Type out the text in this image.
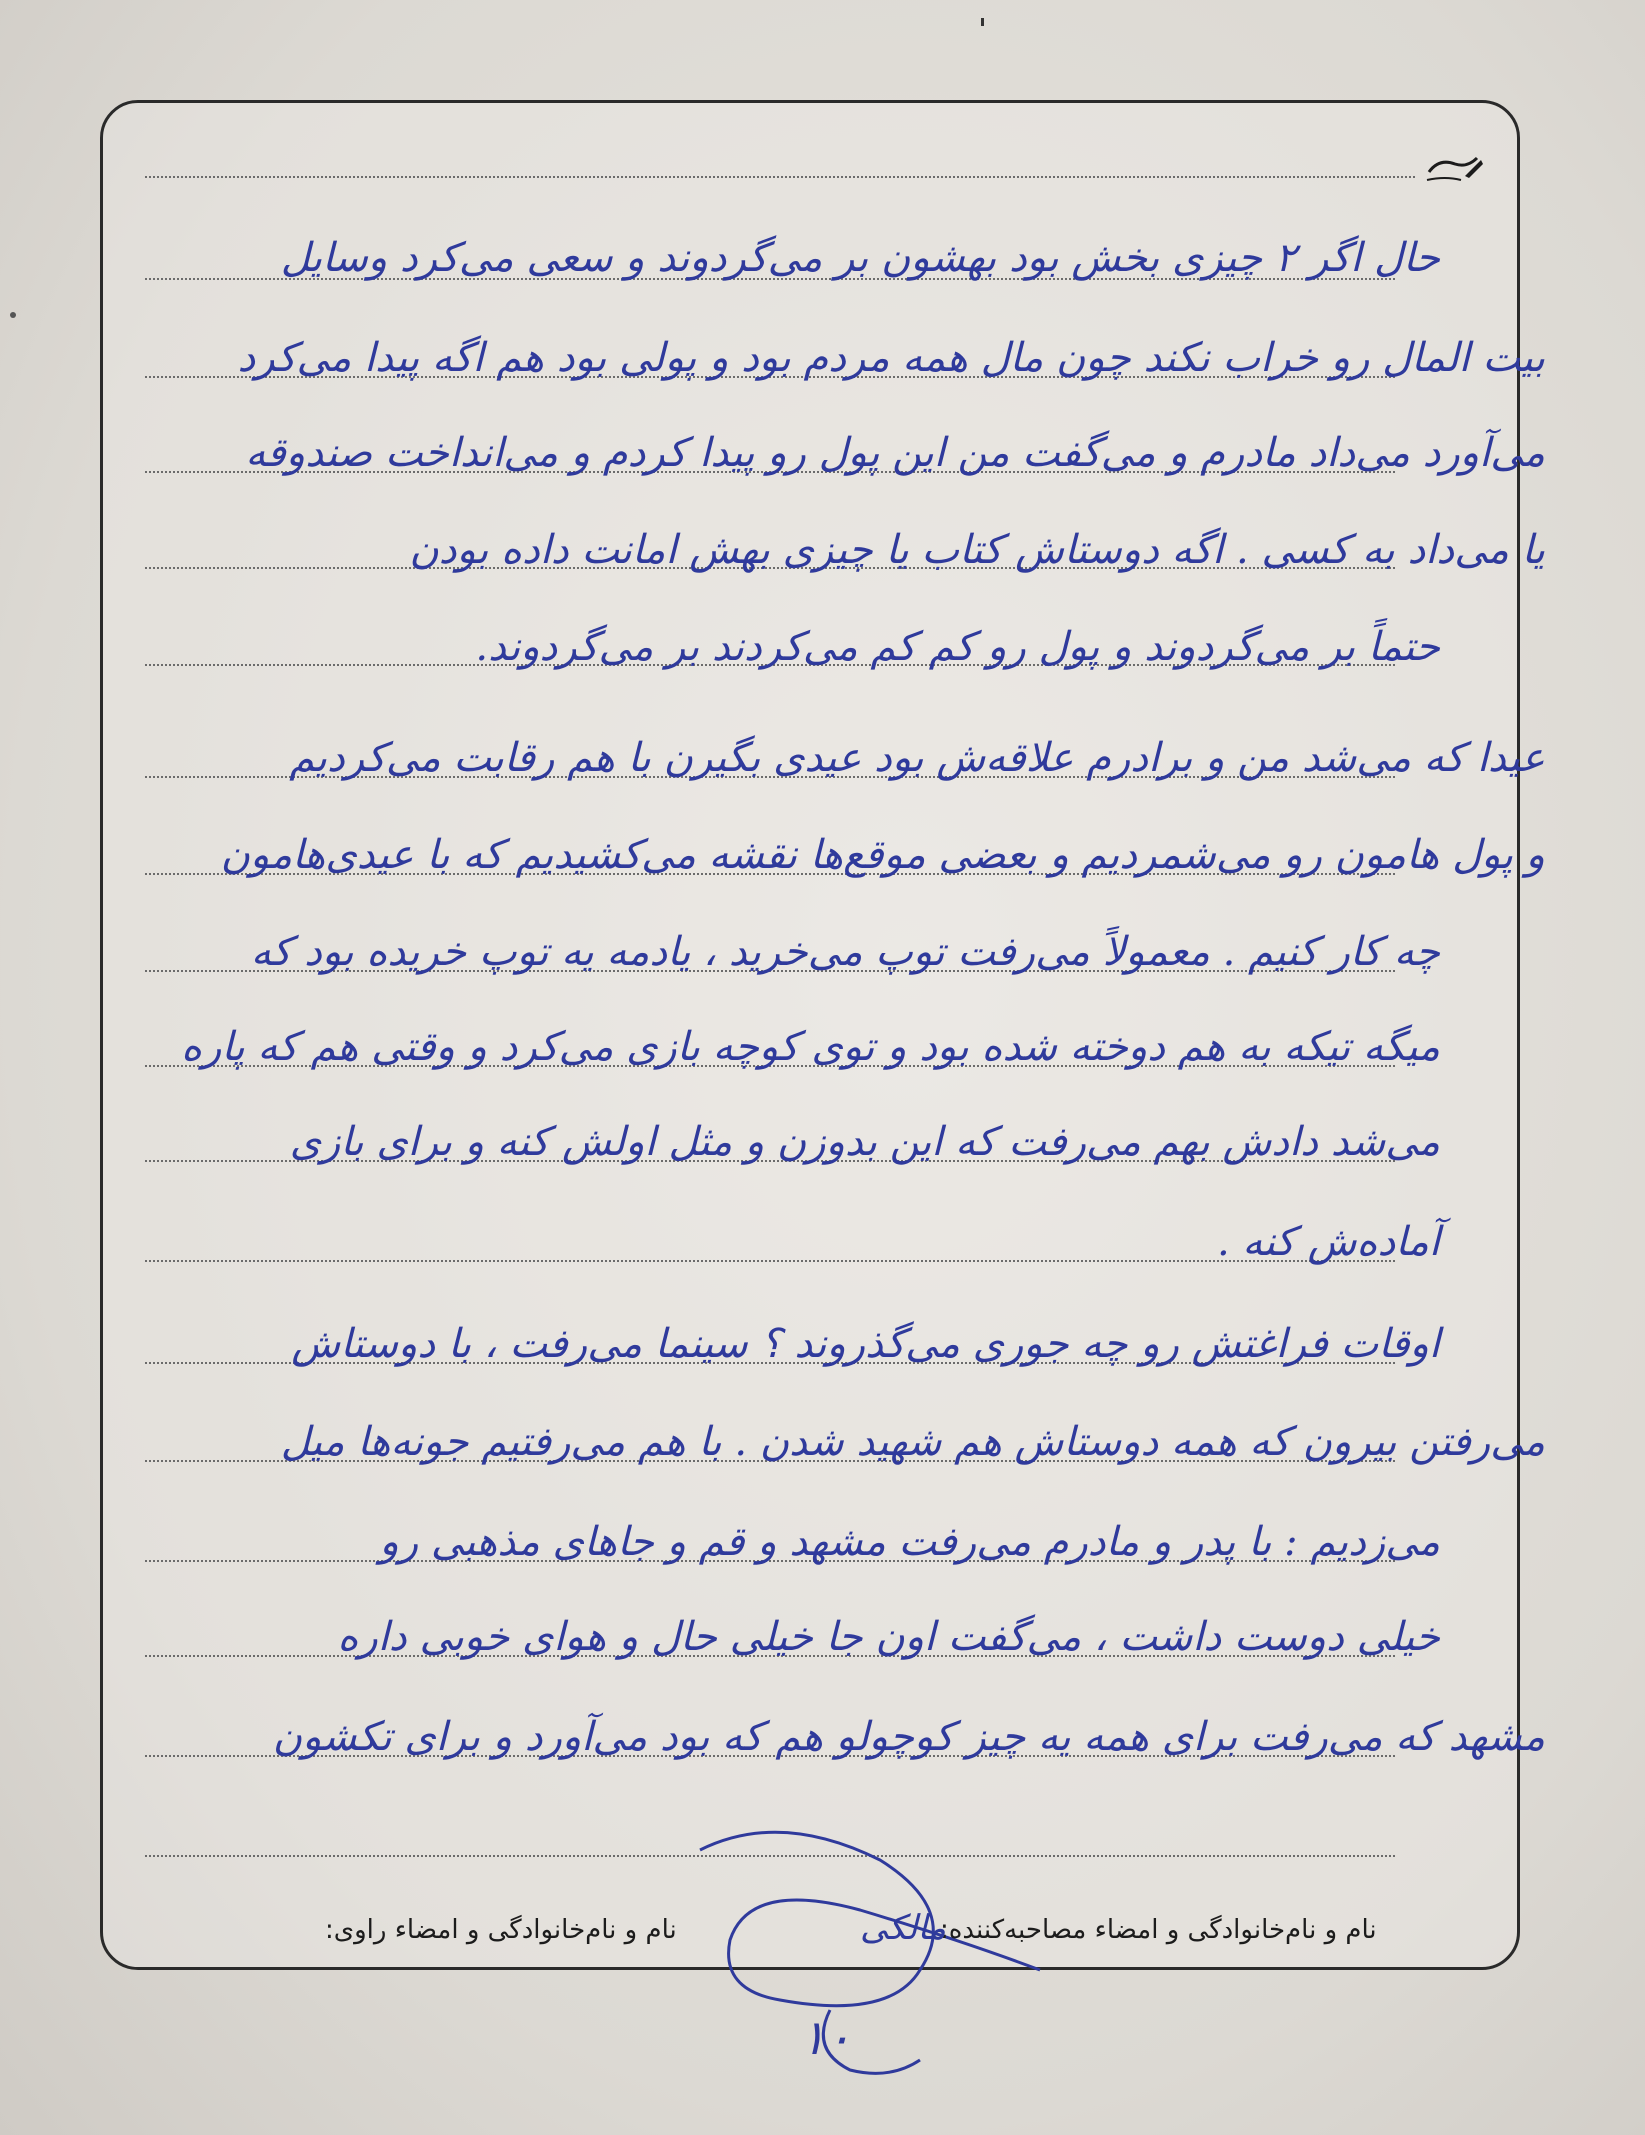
حال اگر ۲ چیزی بخش بود بهشون بر می‌گردوند و سعی می‌کرد وسایل
بیت المال رو خراب نکند چون مال همه مردم بود و پولی بود هم اگه پیدا می‌کرد
می‌آورد می‌داد مادرم و می‌گفت من این پول رو پیدا کردم و می‌انداخت صندوقه
یا می‌داد به کسی . اگه دوستاش کتاب یا چیزی بهش امانت داده بودن
حتماً بر می‌گردوند و پول رو کم کم می‌کردند بر می‌گردوند.
عیدا که می‌شد من و برادرم علاقه‌ش بود عیدی بگیرن با هم رقابت می‌کردیم
و پول هامون رو می‌شمردیم و بعضی موقع‌ها نقشه می‌کشیدیم که با عیدی‌هامون
چه کار کنیم . معمولاً می‌رفت توپ می‌خرید ، یادمه یه توپ خریده بود که
میگه تیکه به هم دوخته شده بود و توی کوچه بازی می‌کرد و وقتی هم که پاره
می‌شد دادش بهم می‌رفت که این بدوزن و مثل اولش کنه و برای بازی
آماده‌ش کنه .
اوقات فراغتش رو چه جوری می‌گذروند ؟ سینما می‌رفت ، با دوستاش
می‌رفتن بیرون که همه دوستاش هم شهید شدن . با هم می‌رفتیم جونه‌ها میل
می‌زدیم : با پدر و مادرم می‌رفت مشهد و قم و جاهای مذهبی رو
خیلی دوست داشت ، می‌گفت اون جا خیلی حال و هوای خوبی داره
مشهد که می‌رفت برای همه یه چیز کوچولو هم که بود می‌آورد و برای تکشون
نام و نام‌خانوادگی و امضاء راوی:	نام و نام‌خانوادگی و امضاء مصاحبه‌کننده:
مالکی
۱۰
